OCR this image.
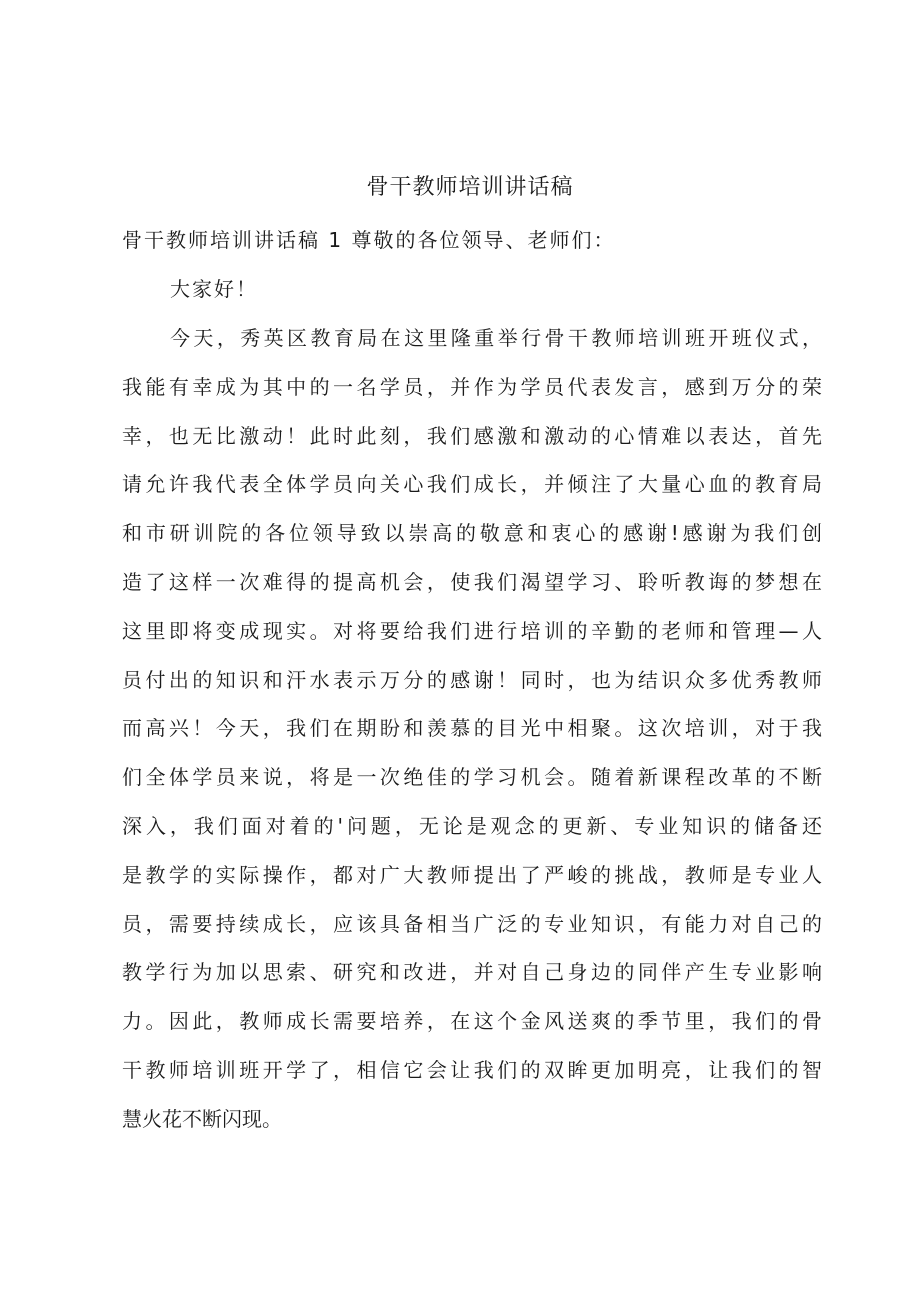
骨干教师培训讲话稿
骨干教师培训讲话稿 1 尊敬的各位领导、老师们：
大家好！
今天，秀英区教育局在这里隆重举行骨干教师培训班开班仪式，
我能有幸成为其中的一名学员，并作为学员代表发言，感到万分的荣
幸，也无比激动！此时此刻，我们感激和激动的心情难以表达，首先
请允许我代表全体学员向关心我们成长，并倾注了大量心血的教育局
和市研训院的各位领导致以崇高的敬意和衷心的感谢!感谢为我们创
造了这样一次难得的提高机会，使我们渴望学习、聆听教诲的梦想在
这里即将变成现实。对将要给我们进行培训的辛勤的老师和管理—人
员付出的知识和汗水表示万分的感谢！同时，也为结识众多优秀教师
而高兴！今天，我们在期盼和羡慕的目光中相聚。这次培训，对于我
们全体学员来说，将是一次绝佳的学习机会。随着新课程改革的不断
深入，我们面对着的'问题，无论是观念的更新、专业知识的储备还
是教学的实际操作，都对广大教师提出了严峻的挑战，教师是专业人
员，需要持续成长，应该具备相当广泛的专业知识，有能力对自己的
教学行为加以思索、研究和改进，并对自己身边的同伴产生专业影响
力。因此，教师成长需要培养，在这个金风送爽的季节里，我们的骨
干教师培训班开学了，相信它会让我们的双眸更加明亮，让我们的智
慧火花不断闪现。
